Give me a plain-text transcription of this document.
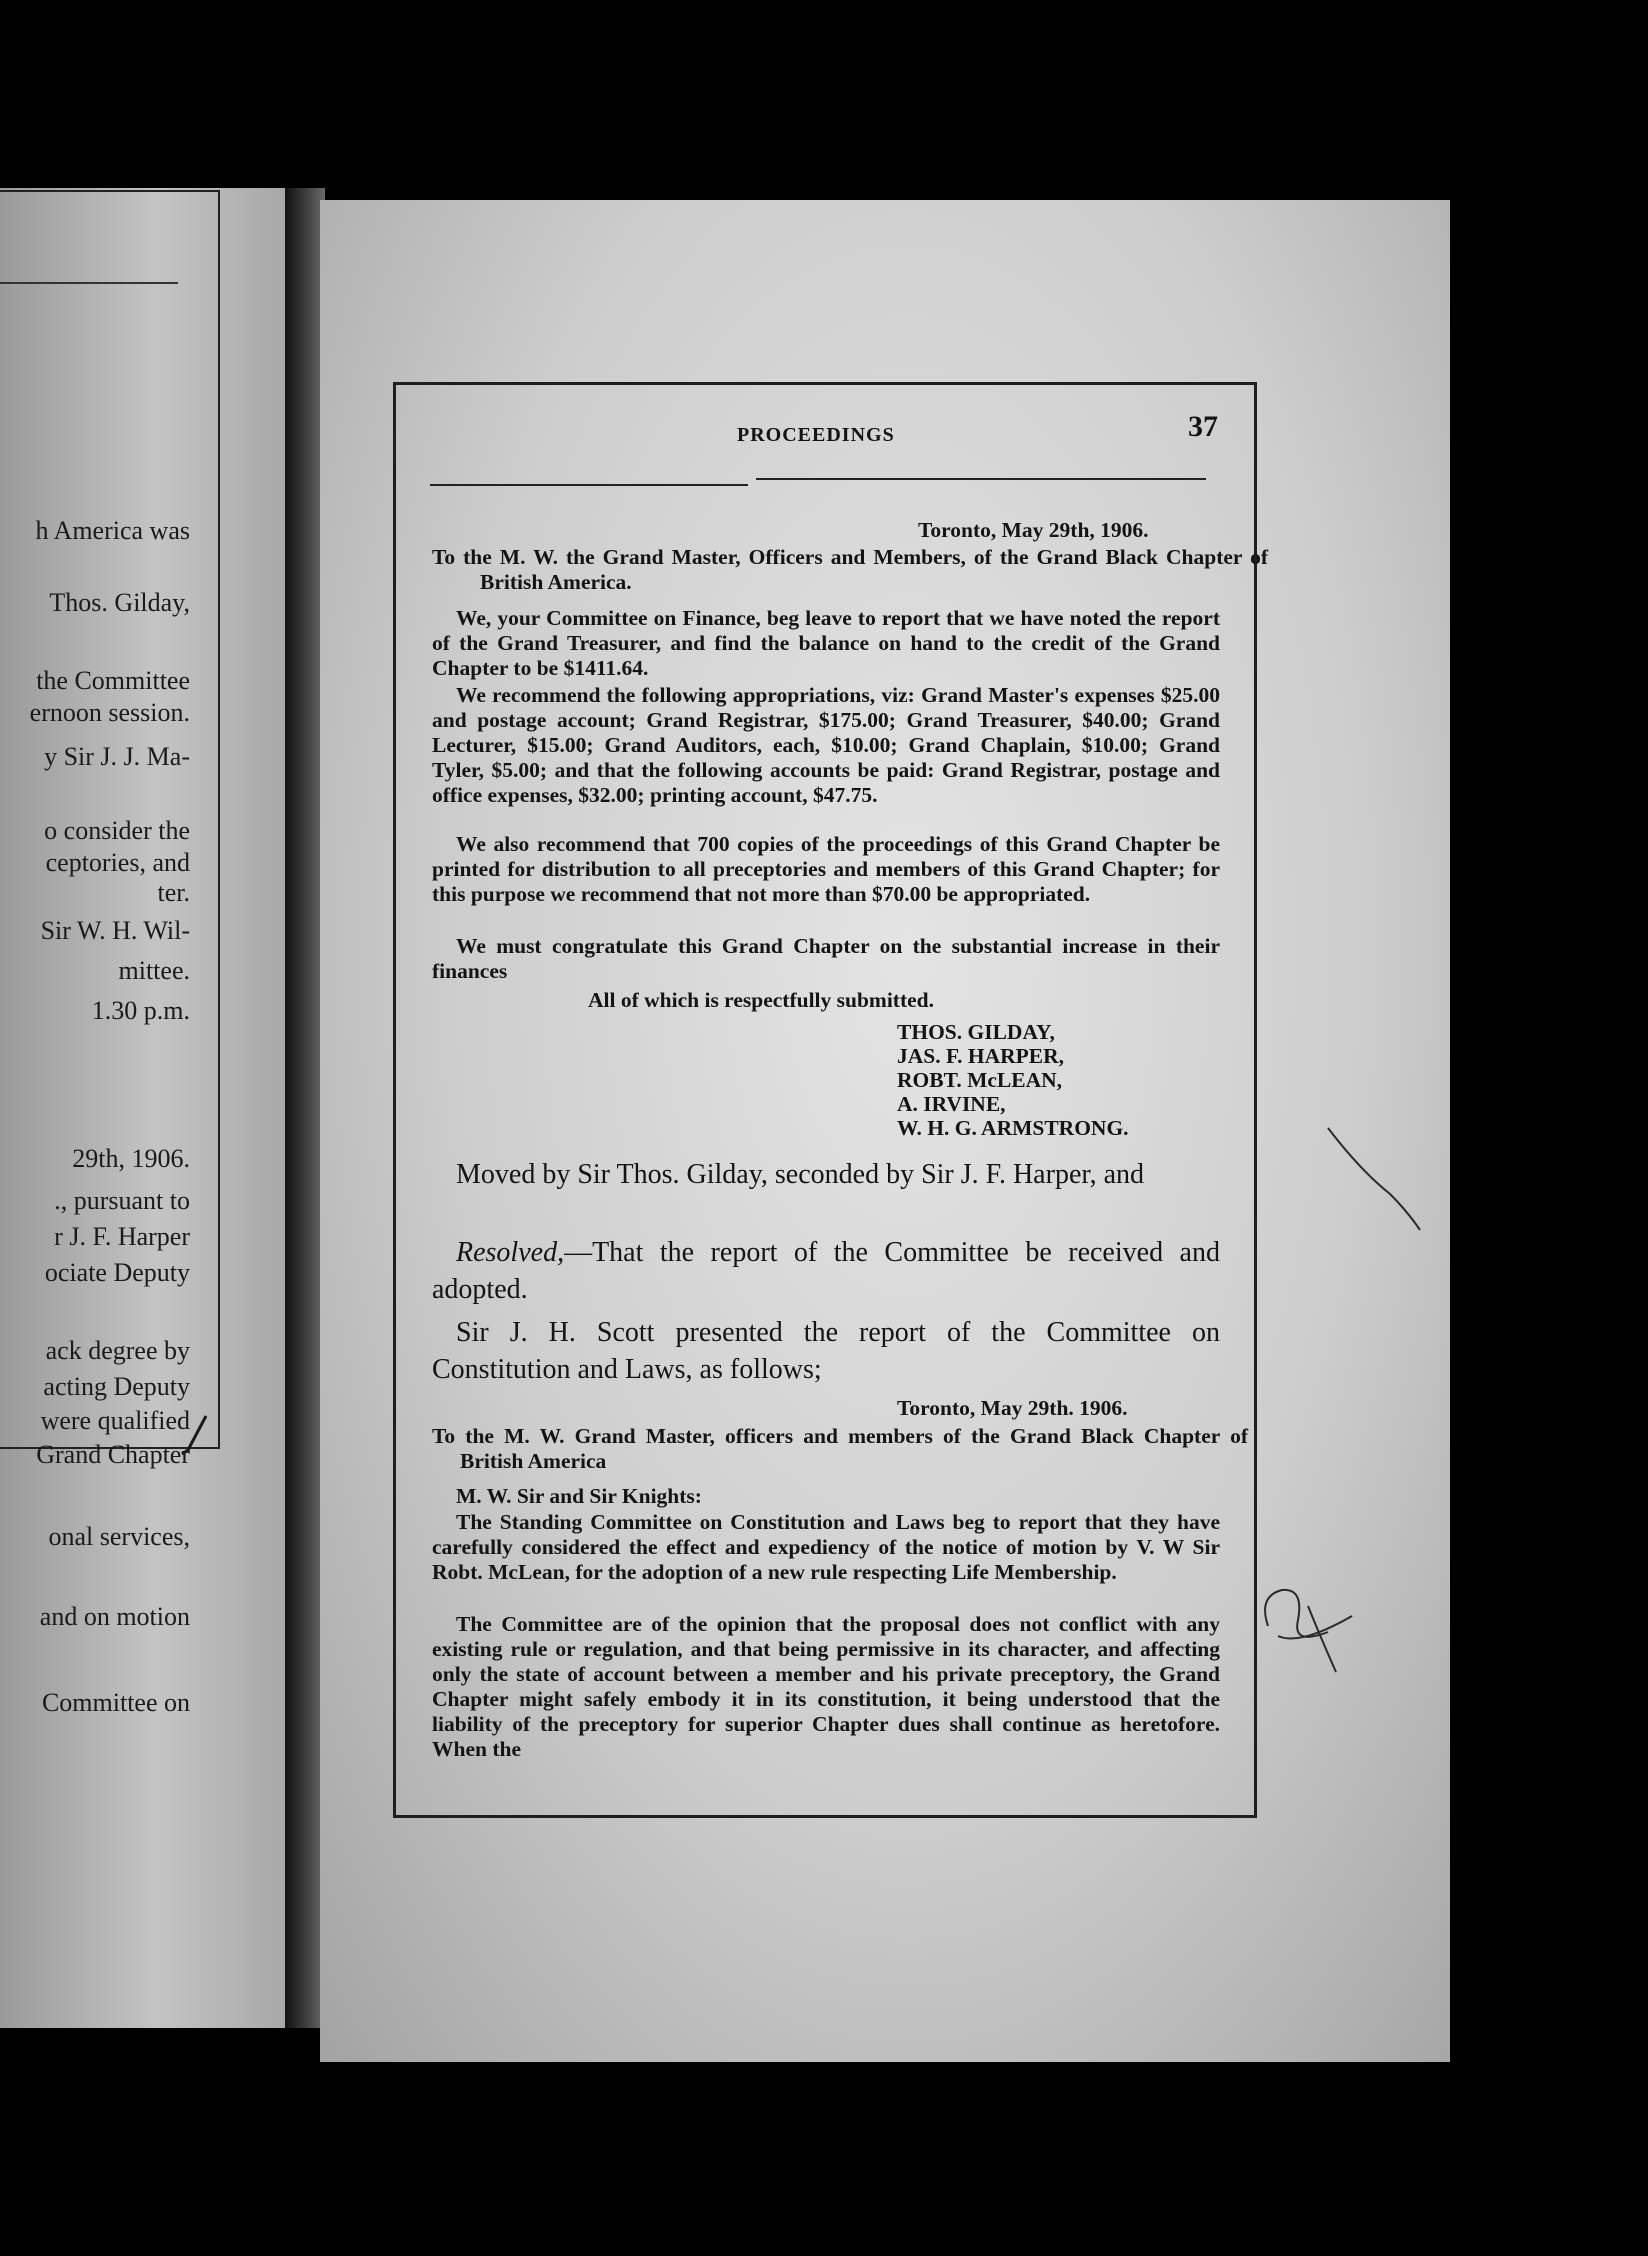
h America was
Thos. Gilday,
the Committee
ernoon session.
y Sir J. J. Ma-
o consider the
ceptories, and
ter.
Sir W. H. Wil-
mittee.
1.30 p.m.
29th, 1906.
., pursuant to
r J. F. Harper
ociate Deputy
ack degree by
acting Deputy
were qualified
Grand Chapter
onal services,
and on motion
Committee on
PROCEEDINGS	37
Toronto, May 29th, 1906.
To the M. W. the Grand Master, Officers and Members, of the Grand Black Chapter of British America.
We, your Committee on Finance, beg leave to report that we have noted the report of the Grand Treasurer, and find the balance on hand to the credit of the Grand Chapter to be $1411.64.
We recommend the following appropriations, viz: Grand Master's expenses $25.00 and postage account; Grand Registrar, $175.00; Grand Treasurer, $40.00; Grand Lecturer, $15.00; Grand Auditors, each, $10.00; Grand Chaplain, $10.00; Grand Tyler, $5.00; and that the following accounts be paid: Grand Registrar, postage and office expenses, $32.00; printing account, $47.75.
We also recommend that 700 copies of the proceedings of this Grand Chapter be printed for distribution to all preceptories and members of this Grand Chapter; for this purpose we recommend that not more than $70.00 be appropriated.
We must congratulate this Grand Chapter on the substantial increase in their finances
All of which is respectfully submitted.
THOS. GILDAY,
JAS. F. HARPER,
ROBT. McLEAN,
A. IRVINE,
W. H. G. ARMSTRONG.
Moved by Sir Thos. Gilday, seconded by Sir J. F. Harper, and
Resolved,—That the report of the Committee be received and adopted.
Sir J. H. Scott presented the report of the Committee on Constitution and Laws, as follows;
Toronto, May 29th. 1906.
To the M. W. Grand Master, officers and members of the Grand Black Chapter of British America
M. W. Sir and Sir Knights:
The Standing Committee on Constitution and Laws beg to report that they have carefully considered the effect and expediency of the notice of motion by V. W Sir Robt. McLean, for the adoption of a new rule respecting Life Membership.
The Committee are of the opinion that the proposal does not conflict with any existing rule or regulation, and that being permissive in its character, and affecting only the state of account between a member and his private preceptory, the Grand Chapter might safely embody it in its constitution, it being understood that the liability of the preceptory for superior Chapter dues shall continue as heretofore. When the
